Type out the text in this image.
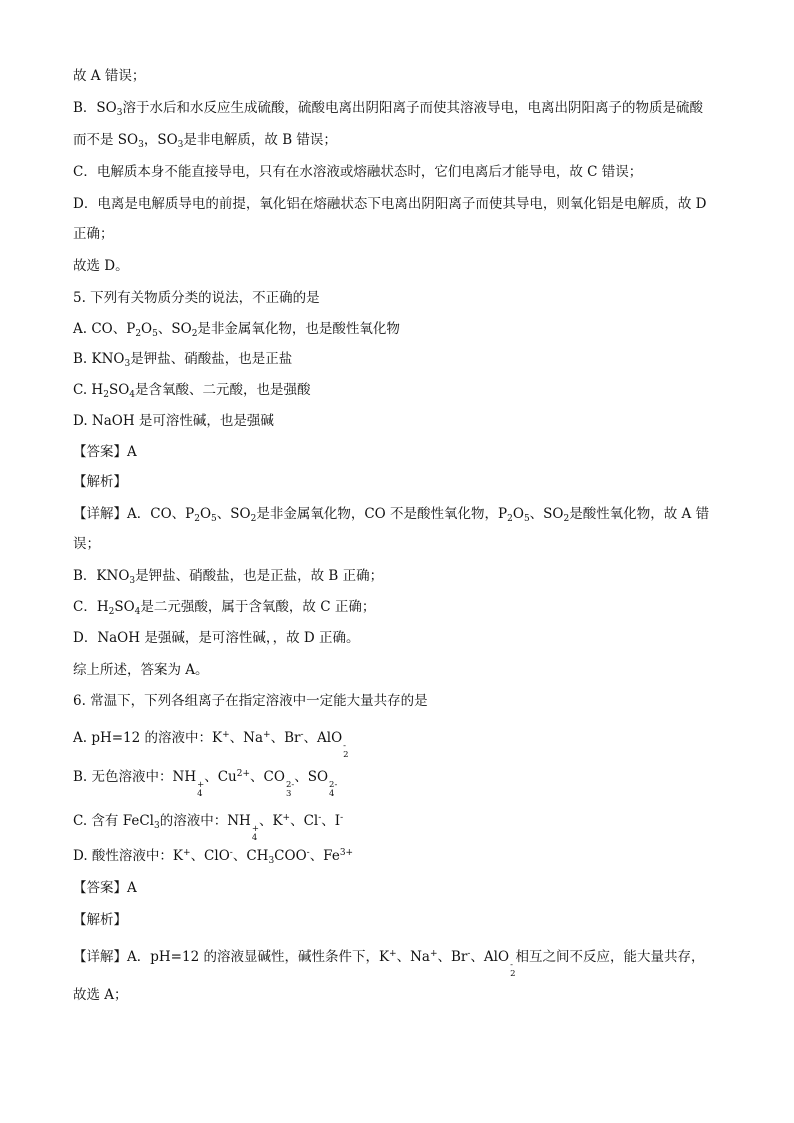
故 A 错误；
B．$SO_3$溶于水后和水反应生成硫酸，硫酸电离出阴阳离子而使其溶液导电，电离出阴阳离子的物质是硫酸
而不是 $SO_3$，$SO_3$是非电解质，故 B 错误；
C．电解质本身不能直接导电，只有在水溶液或熔融状态时，它们电离后才能导电，故 C 错误；
D．电离是电解质导电的前提，氧化铝在熔融状态下电离出阴阳离子而使其导电，则氧化铝是电解质，故 D
正确；
故选 D。
5. 下列有关物质分类的说法，不正确的是
A. CO、$P_2O_5$、$SO_2$是非金属氧化物，也是酸性氧化物
B. $KNO_3$是钾盐、硝酸盐，也是正盐
C. $H_2SO_4$是含氧酸、二元酸，也是强酸
D. NaOH 是可溶性碱，也是强碱
【答案】A
【解析】
【详解】A．CO、$P_2O_5$、$SO_2$是非金属氧化物，CO 不是酸性氧化物，$P_2O_5$、$SO_2$是酸性氧化物，故 A 错
误；
B．$KNO_3$是钾盐、硝酸盐，也是正盐，故 B 正确；
C．$H_2SO_4$是二元强酸，属于含氧酸，故 C 正确；
D．NaOH 是强碱，是可溶性碱，，故 D 正确。
综上所述，答案为 A。
6. 常温下，下列各组离子在指定溶液中一定能大量共存的是
A. pH=12 的溶液中：K+、Na+、Br-、AlO -
2
B. 无色溶液中：NH +
4
、$Cu^{2+}$、CO 2-
3
、SO 2-
4
C. 含有 FeCl$_3$的溶液中：NH +
4
、K+、Cl-、I-
D. 酸性溶液中：K+、ClO-、$CH_3COO^-$、$Fe^{3+}$
【答案】A
【解析】
【详解】A．pH=12 的溶液显碱性，碱性条件下，K+、Na+、Br-、AlO -
2
相互之间不反应，能大量共存，
故选 A；
